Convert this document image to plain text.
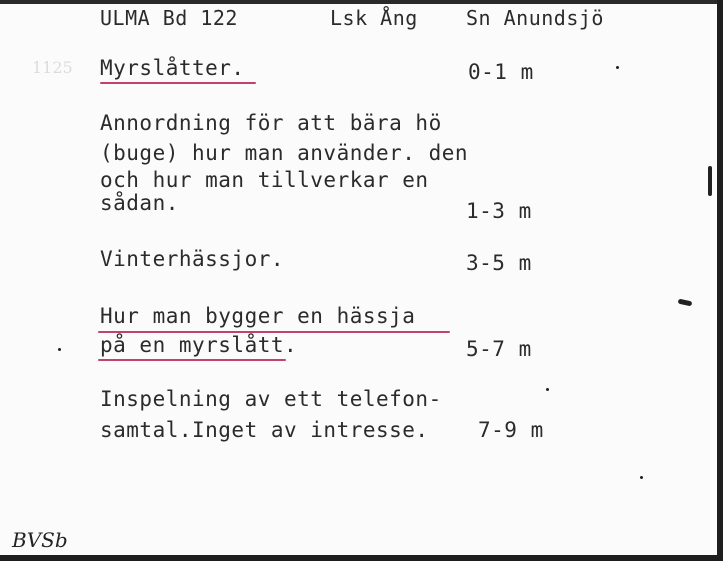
1125
ULMA Bd 122	Lsk Ång Sn Anundsjö
Myrslåtter.	0-1 m
Annordning för att bära hö
(buge) hur man använder. den
och hur man tillverkar en
sådan.	1-3 m
Vinterhässjor.	3-5 m
Hur man bygger en hässja
på en myrslått.	5-7 m
Inspelning av ett telefon-
samtal.Inget av intresse. 7-9 m
BVSb
